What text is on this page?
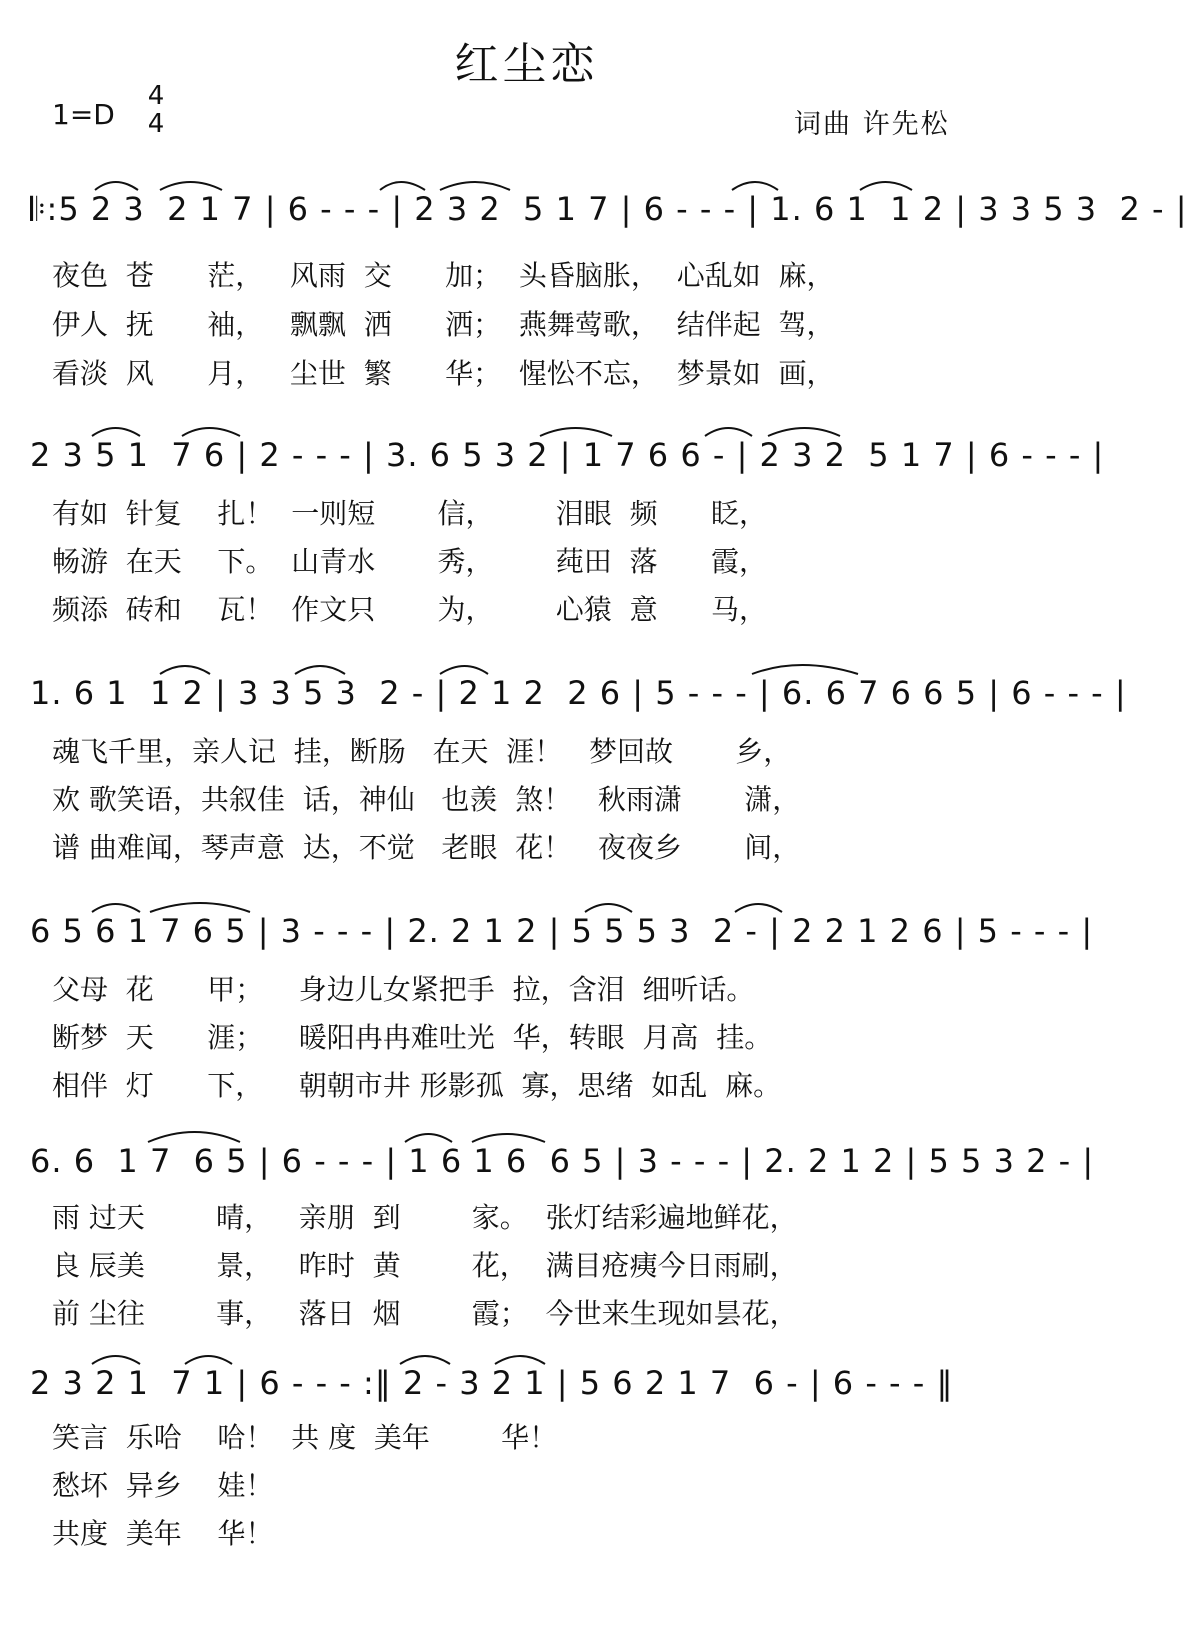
红尘恋
1=D
4
4	词曲 许先松
𝄆:5 2 3  2 1 7 | 6 - - - | 2 3 2  5 1 7 | 6 - - - | 1. 6 1  1 2 | 3 3 5 3  2 - |
夜色  苍      茫，   风雨  交      加；  头昏脑胀，  心乱如  麻，
伊人  抚      袖，   飘飘  洒      洒；  燕舞莺歌，  结伴起  驾，
看淡  风      月，   尘世  繁      华；  惺忪不忘，  梦景如  画，
2 3 5 1  7 6 | 2 - - - | 3. 6 5 3 2 | 1 7 6 6 - | 2 3 2  5 1 7 | 6 - - - |
有如  针复    扎！  一则短       信，       泪眼  频      眨，
畅游  在天    下。  山青水       秀，       莼田  落      霞，
频添  砖和    瓦！  作文只       为，       心猿  意      马，
1. 6 1  1 2 | 3 3 5 3  2 - | 2 1 2  2 6 | 5 - - - | 6. 6 7 6 6 5 | 6 - - - |
魂飞千里，亲人记  挂，断肠   在天  涯！   梦回故       乡，
欢 歌笑语，共叙佳  话，神仙   也羡  煞！   秋雨潇       潇，
谱 曲难闻，琴声意  达，不觉   老眼  花！   夜夜乡       间，
6 5 6 1 7 6 5 | 3 - - - | 2. 2 1 2 | 5 5 5 3  2 - | 2 2 1 2 6 | 5 - - - |
父母  花      甲；    身边儿女紧把手  拉，含泪  细听话。
断梦  天      涯；    暖阳冉冉难吐光  华，转眼  月高  挂。
相伴  灯      下，    朝朝市井 形影孤  寡，思绪  如乱  麻。
6. 6  1 7  6 5 | 6 - - - | 1 6 1 6  6 5 | 3 - - - | 2. 2 1 2 | 5 5 3 2 - |
雨 过天        晴，   亲朋  到        家。  张灯结彩遍地鲜花，
良 辰美        景，   昨时  黄        花，  满目疮痍今日雨刷，
前 尘往        事，   落日  烟        霞；  今世来生现如昙花，
2 3 2 1  7 1 | 6 - - - :‖ 2 - 3 2 1 | 5 6 2 1 7  6 - | 6 - - - ‖
笑言  乐哈    哈！  共 度  美年        华！
愁坏  异乡    娃！
共度  美年    华！
